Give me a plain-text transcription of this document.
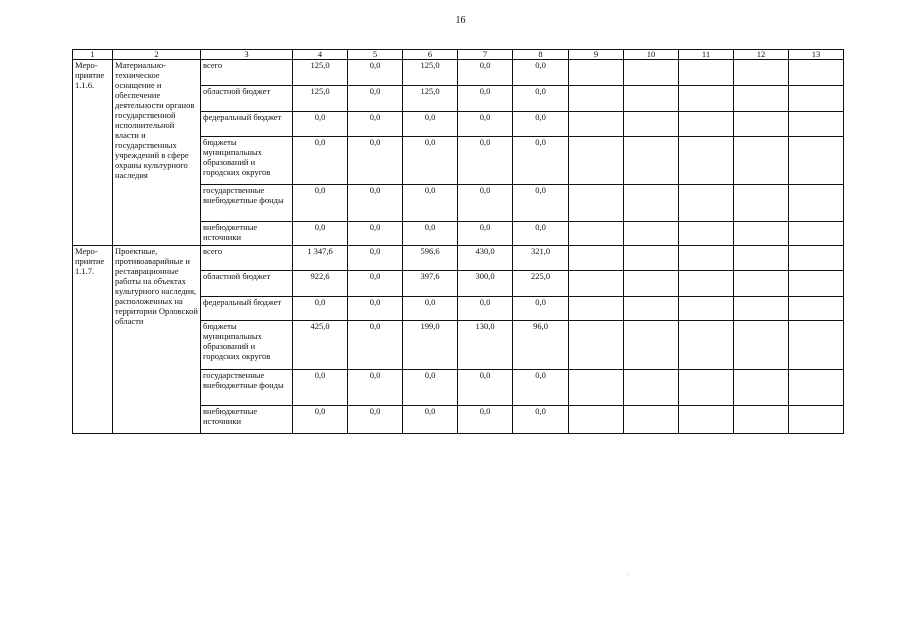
16
1	2	3	4	5	6	7	8	9	10	11	12	13
Меро-приятие 1.1.6.	Материально-техническое оснащение и обеспечение деятельности органов государственной исполнительной власти и государственных учреждений в сфере охраны культурного наследия	всего	125,0	0,0	125,0	0,0	0,0					
		областной бюджет	125,0	0,0	125,0	0,0	0,0					
		федеральный бюджет	0,0	0,0	0,0	0,0	0,0					
		бюджеты муниципальных образований и городских округов	0,0	0,0	0,0	0,0	0,0					
		государственные внебюджетные фонды	0,0	0,0	0,0	0,0	0,0					
		внебюджетные источники	0,0	0,0	0,0	0,0	0,0					
Меро-приятие 1.1.7.	Проектные, противоаварийные и реставрационные работы на объектах культурного наследия, расположенных на территории Орловской области	всего	1 347,6	0,0	596,6	430,0	321,0					
		областной бюджет	922,6	0,0	397,6	300,0	225,0					
		федеральный бюджет	0,0	0,0	0,0	0,0	0,0					
		бюджеты муниципальных образований и городских округов	425,0	0,0	199,0	130,0	96,0					
		государственные внебюджетные фонды	0,0	0,0	0,0	0,0	0,0					
		внебюджетные источники	0,0	0,0	0,0	0,0	0,0					
